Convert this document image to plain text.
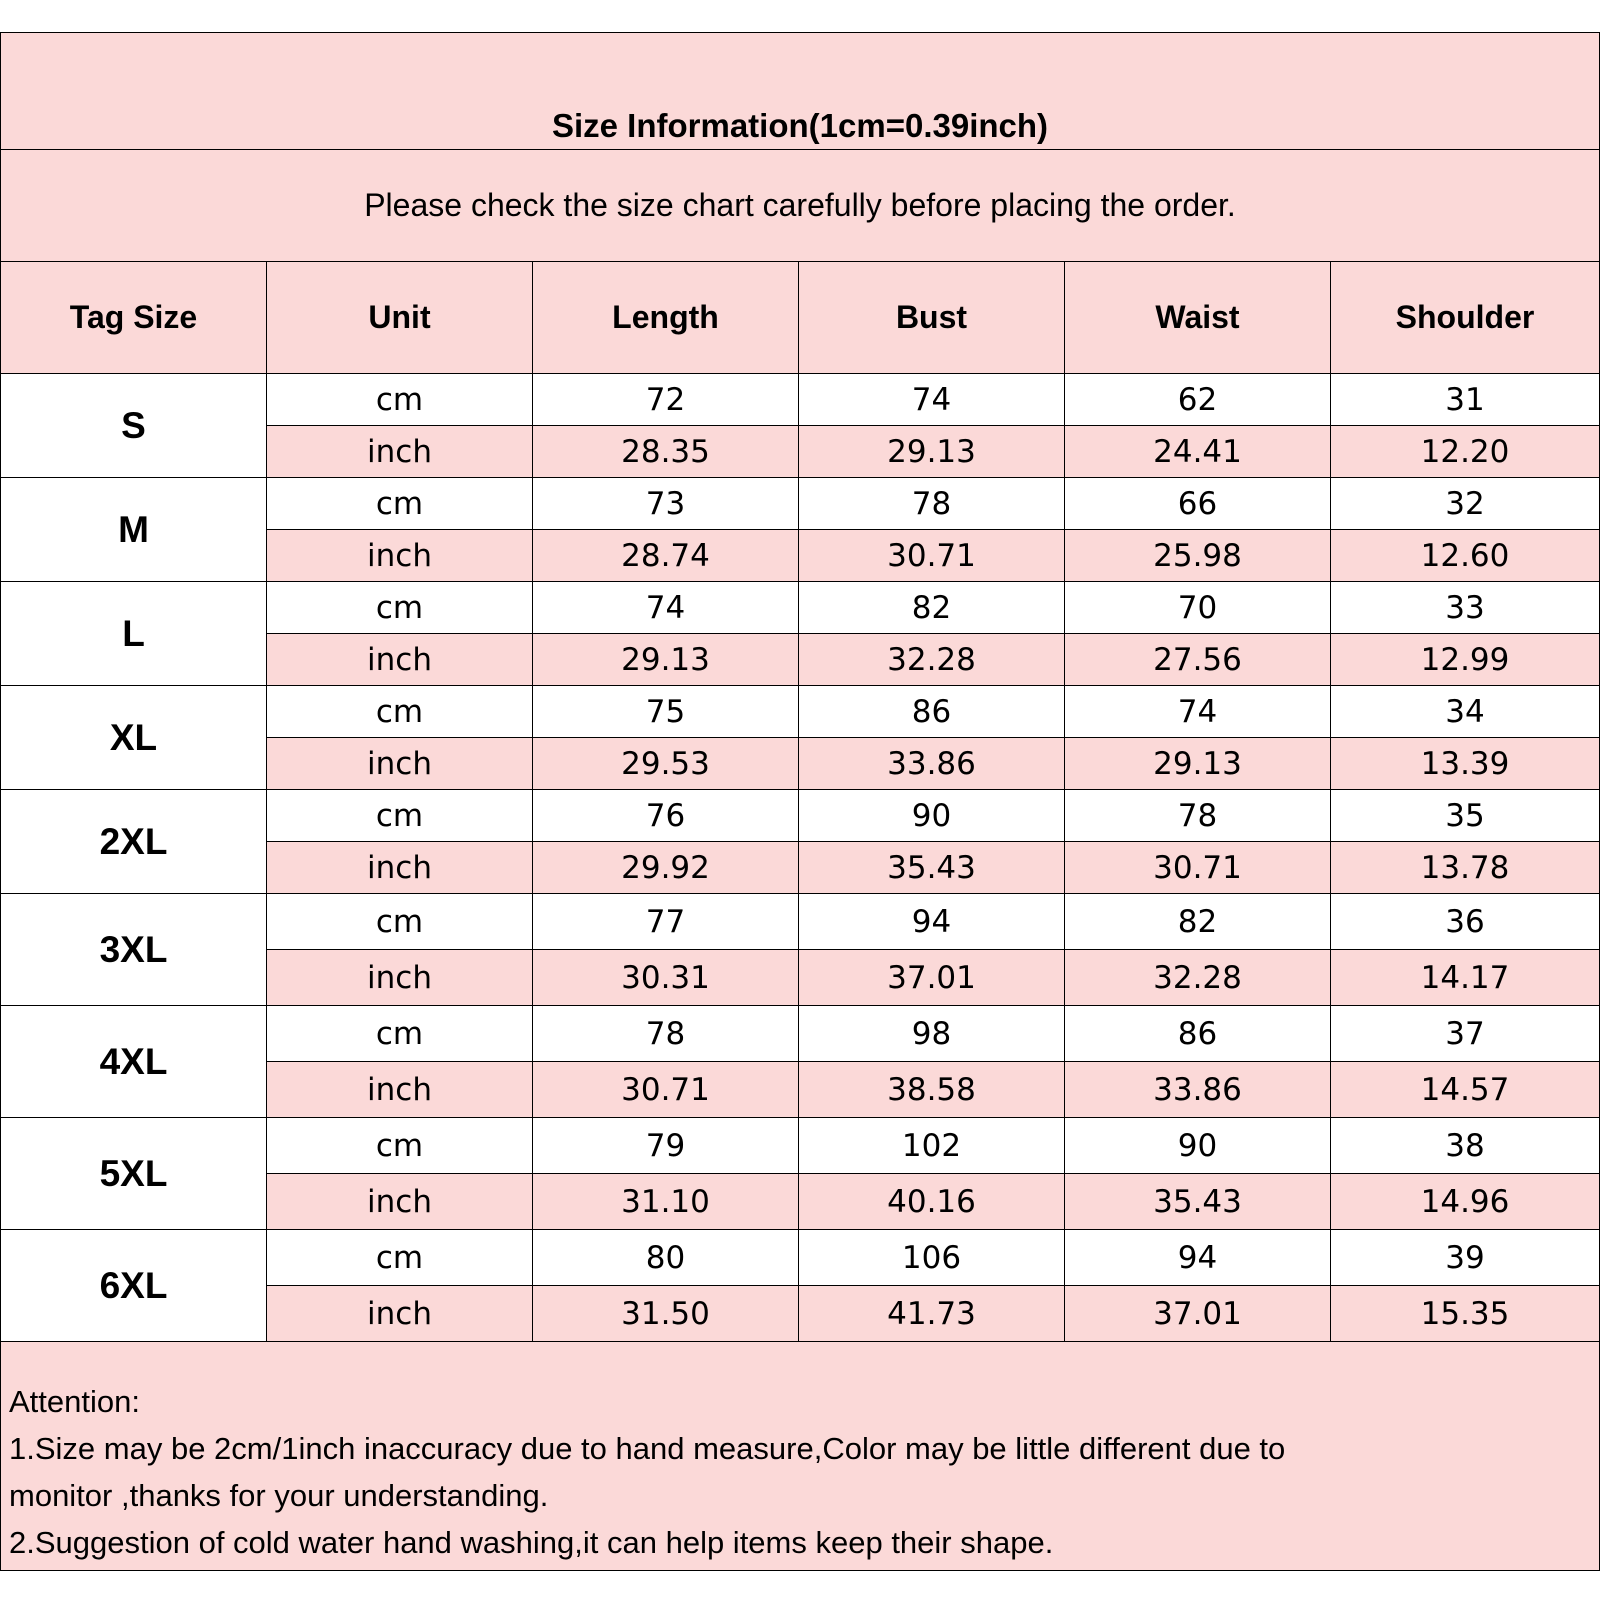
Size Information(1cm=0.39inch)					
Please check the size chart carefully before placing the order.					
Tag Size	Unit	Length	Bust	Waist	Shoulder
S	cm	72	74	62	31
	inch	28.35	29.13	24.41	12.20
M	cm	73	78	66	32
	inch	28.74	30.71	25.98	12.60
L	cm	74	82	70	33
	inch	29.13	32.28	27.56	12.99
XL	cm	75	86	74	34
	inch	29.53	33.86	29.13	13.39
2XL	cm	76	90	78	35
	inch	29.92	35.43	30.71	13.78
3XL	cm	77	94	82	36
	inch	30.31	37.01	32.28	14.17
4XL	cm	78	98	86	37
	inch	30.71	38.58	33.86	14.57
5XL	cm	79	102	90	38
	inch	31.10	40.16	35.43	14.96
6XL	cm	80	106	94	39
	inch	31.50	41.73	37.01	15.35

Attention:
1.Size may be 2cm/1inch inaccuracy due to hand measure,Color may be little different due to
monitor ,thanks for your understanding.
2.Suggestion of cold water hand washing,it can help items keep their shape.					
